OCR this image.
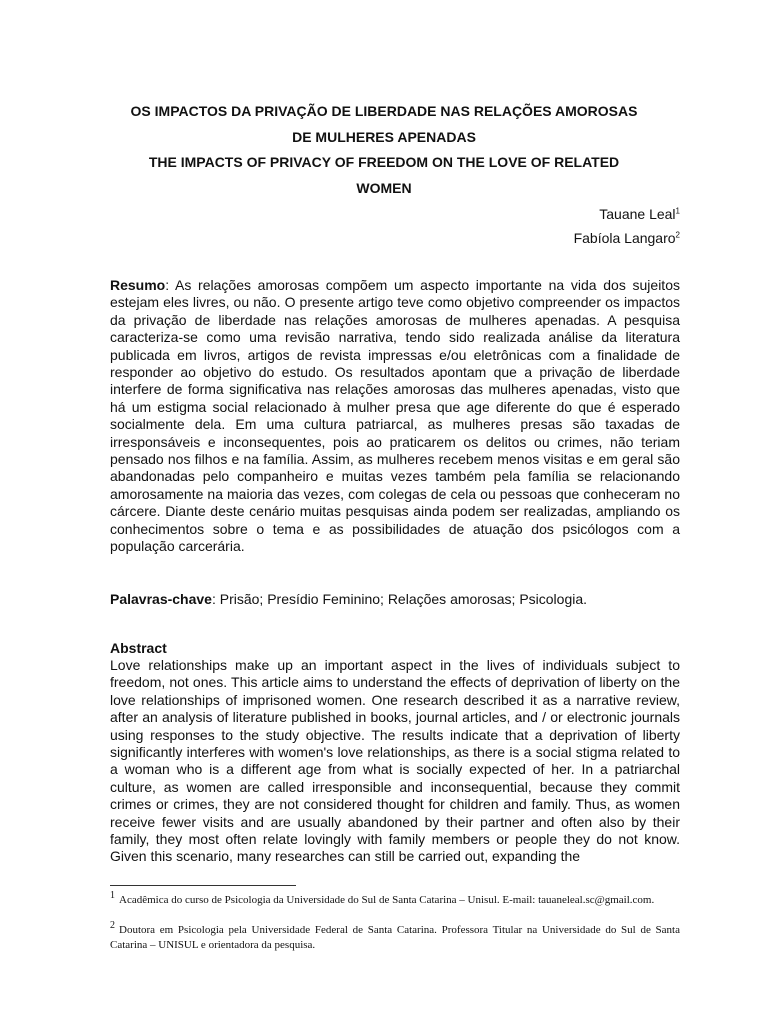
OS IMPACTOS DA PRIVAÇÃO DE LIBERDADE NAS RELAÇÕES AMOROSAS
DE MULHERES APENADAS
THE IMPACTS OF PRIVACY OF FREEDOM ON THE LOVE OF RELATED
WOMEN
Tauane Leal$^1$
Fabíola Langaro$^2$
Resumo: As relações amorosas compõem um aspecto importante na vida dos sujeitos estejam eles livres, ou não. O presente artigo teve como objetivo compreender os impactos da privação de liberdade nas relações amorosas de mulheres apenadas. A pesquisa caracteriza-se como uma revisão narrativa, tendo sido realizada análise da literatura publicada em livros, artigos de revista impressas e/ou eletrônicas com a finalidade de responder ao objetivo do estudo. Os resultados apontam que a privação de liberdade interfere de forma significativa nas relações amorosas das mulheres apenadas, visto que há um estigma social relacionado à mulher presa que age diferente do que é esperado socialmente dela. Em uma cultura patriarcal, as mulheres presas são taxadas de irresponsáveis e inconsequentes, pois ao praticarem os delitos ou crimes, não teriam pensado nos filhos e na família. Assim, as mulheres recebem menos visitas e em geral são abandonadas pelo companheiro e muitas vezes também pela família se relacionando amorosamente na maioria das vezes, com colegas de cela ou pessoas que conheceram no cárcere. Diante deste cenário muitas pesquisas ainda podem ser realizadas, ampliando os conhecimentos sobre o tema e as possibilidades de atuação dos psicólogos com a população carcerária.
Palavras-chave: Prisão; Presídio Feminino; Relações amorosas; Psicologia.
Abstract
Love relationships make up an important aspect in the lives of individuals subject to freedom, not ones. This article aims to understand the effects of deprivation of liberty on the love relationships of imprisoned women. One research described it as a narrative review, after an analysis of literature published in books, journal articles, and / or electronic journals using responses to the study objective. The results indicate that a deprivation of liberty significantly interferes with women's love relationships, as there is a social stigma related to a woman who is a different age from what is socially expected of her. In a patriarchal culture, as women are called irresponsible and inconsequential, because they commit crimes or crimes, they are not considered thought for children and family. Thus, as women receive fewer visits and are usually abandoned by their partner and often also by their family, they most often relate lovingly with family members or people they do not know. Given this scenario, many researches can still be carried out, expanding the
1 Acadêmica do curso de Psicologia da Universidade do Sul de Santa Catarina – Unisul. E-mail: tauaneleal.sc@gmail.com.
2 Doutora em Psicologia pela Universidade Federal de Santa Catarina. Professora Titular na Universidade do Sul de Santa Catarina – UNISUL e orientadora da pesquisa.
